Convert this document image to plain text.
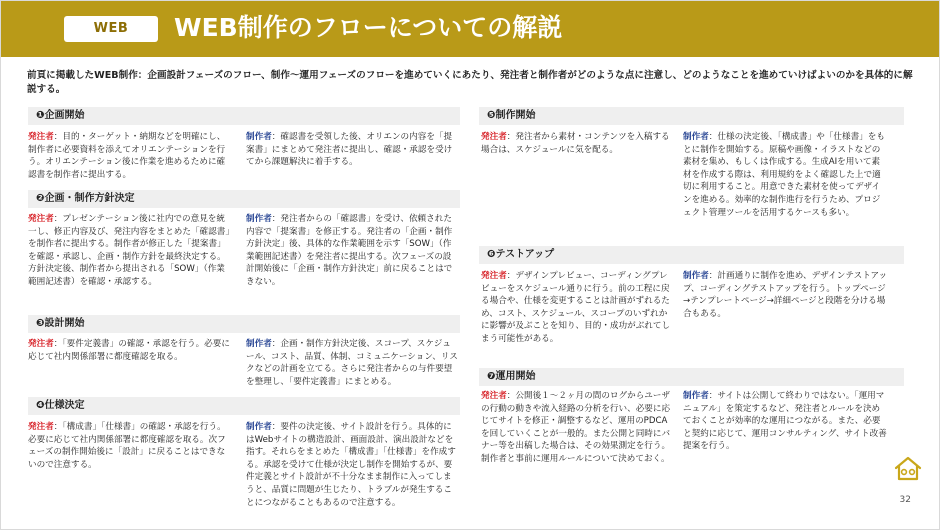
WEB	WEB制作のフローについての解説
前頁に掲載したWEB制作：企画設計フェーズのフロー、制作〜運用フェーズのフローを進めていくにあたり、発注者と制作者がどのような点に注意し、どのようなことを進めていけばよいのかを具体的に解説する。
❶企画開始
発注者：目的・ターゲット・納期などを明確にし、制作者に必要資料を添えてオリエンテーションを行う。オリエンテーション後に作業を進めるために確認書を制作者に提出する。
制作者：確認書を受領した後、オリエンの内容を「提案書」にまとめて発注者に提出し、確認・承認を受けてから課題解決に着手する。
❷企画・制作方針決定
発注者：プレゼンテーション後に社内での意見を統一し、修正内容及び、発注内容をまとめた「確認書」を制作者に提出する。制作者が修正した「提案書」を確認・承認し、企画・制作方針を最終決定する。方針決定後、制作者から提出される「SOW」（作業範囲記述書）を確認・承認する。
制作者：発注者からの「確認書」を受け、依頼された内容で「提案書」を修正する。発注者の「企画・制作方針決定」後、具体的な作業範囲を示す「SOW」（作業範囲記述書）を発注者に提出する。次フェーズの設計開始後に「企画・制作方針決定」前に戻ることはできない。
❸設計開始
発注者：「要件定義書」の確認・承認を行う。必要に応じて社内関係部署に都度確認を取る。
制作者：企画・制作方針決定後、スコープ、スケジュール、コスト、品質、体制、コミュニケーション、リスクなどの計画を立てる。さらに発注者からの与件要望を整理し、「要件定義書」にまとめる。
❹仕様決定
発注者：「構成書」「仕様書」の確認・承認を行う。必要に応じて社内関係部署に都度確認を取る。次フェーズの制作開始後に「設計」に戻ることはできないので注意する。
制作者：要件の決定後、サイト設計を行う。具体的にはWebサイトの構造設計、画面設計、演出設計などを指す。それらをまとめた「構成書」「仕様書」を作成する。承認を受けて仕様が決定し制作を開始するが、要件定義とサイト設計が不十分なまま制作に入ってしまうと、品質に問題が生じたり、トラブルが発生することにつながることもあるので注意する。
❺制作開始
発注者：発注者から素材・コンテンツを入稿する場合は、スケジュールに気を配る。
制作者：仕様の決定後、「構成書」や「仕様書」をもとに制作を開始する。原稿や画像・イラストなどの素材を集め、もしくは作成する。生成AIを用いて素材を作成する際は、利用規約をよく確認した上で適切に利用すること。用意できた素材を使ってデザインを進める。効率的な制作進行を行うため、プロジェクト管理ツールを活用するケースも多い。
❻テストアップ
発注者：デザインプレビュー、コーディングプレビューをスケジュール通りに行う。前の工程に戻る場合や、仕様を変更することは計画がずれるため、コスト、スケジュール、スコープのいずれかに影響が及ぶことを知り、目的・成功がぶれてしまう可能性がある。
制作者：計画通りに制作を進め、デザインテストアップ、コーディングテストアップを行う。トップページ→テンプレートページ→詳細ページと段階を分ける場合もある。
❼運用開始
発注者：公開後１〜２ヶ月の間のログからユーザの行動の動きや流入経路の分析を行い、必要に応じてサイトを修正・調整するなど、運用のPDCAを回していくことが一般的。また公開と同時にバナー等を出稿した場合は、その効果測定を行う。制作者と事前に運用ルールについて決めておく。
制作者：サイトは公開して終わりではない。「運用マニュアル」を策定するなど、発注者とルールを決めておくことが効率的な運用につながる。また、必要と契約に応じて、運用コンサルティング、サイト改善提案を行う。
32
